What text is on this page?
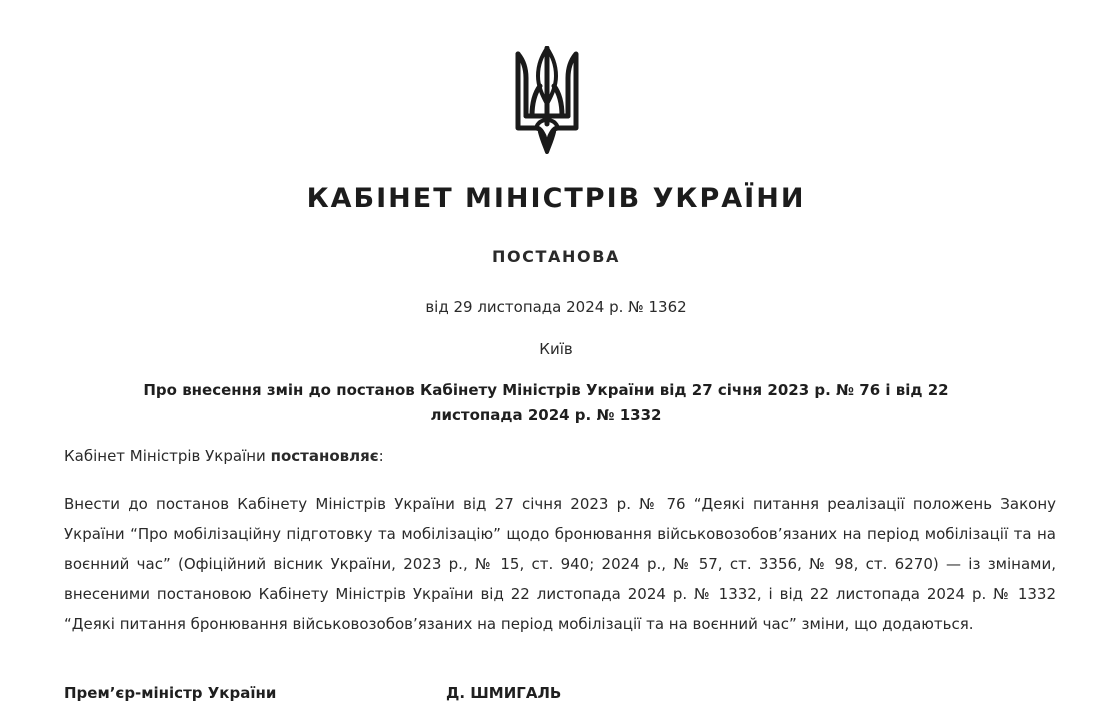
КАБІНЕТ МІНІСТРІВ УКРАЇНИ
ПОСТАНОВА
від 29 листопада 2024 р. № 1362
Київ
Про внесення змін до постанов Кабінету Міністрів України від 27 січня 2023 р. № 76 і від 22 листопада 2024 р. № 1332
Кабінет Міністрів України постановляє:
Внести до постанов Кабінету Міністрів України від 27 січня 2023 р. № 76 “Деякі питання реалізації положень Закону України “Про мобілізаційну підготовку та мобілізацію” щодо бронювання військовозобов’язаних на період мобілізації та на воєнний час” (Офіційний вісник України, 2023 р., № 15, ст. 940; 2024 р., № 57, ст. 3356, № 98, ст. 6270) — із змінами, внесеними постановою Кабінету Міністрів України від 22 листопада 2024 р. № 1332, і від 22 листопада 2024 р. № 1332 “Деякі питання бронювання військовозобов’язаних на період мобілізації та на воєнний час” зміни, що додаються.
Прем’єр-міністр України	Д. ШМИГАЛЬ
